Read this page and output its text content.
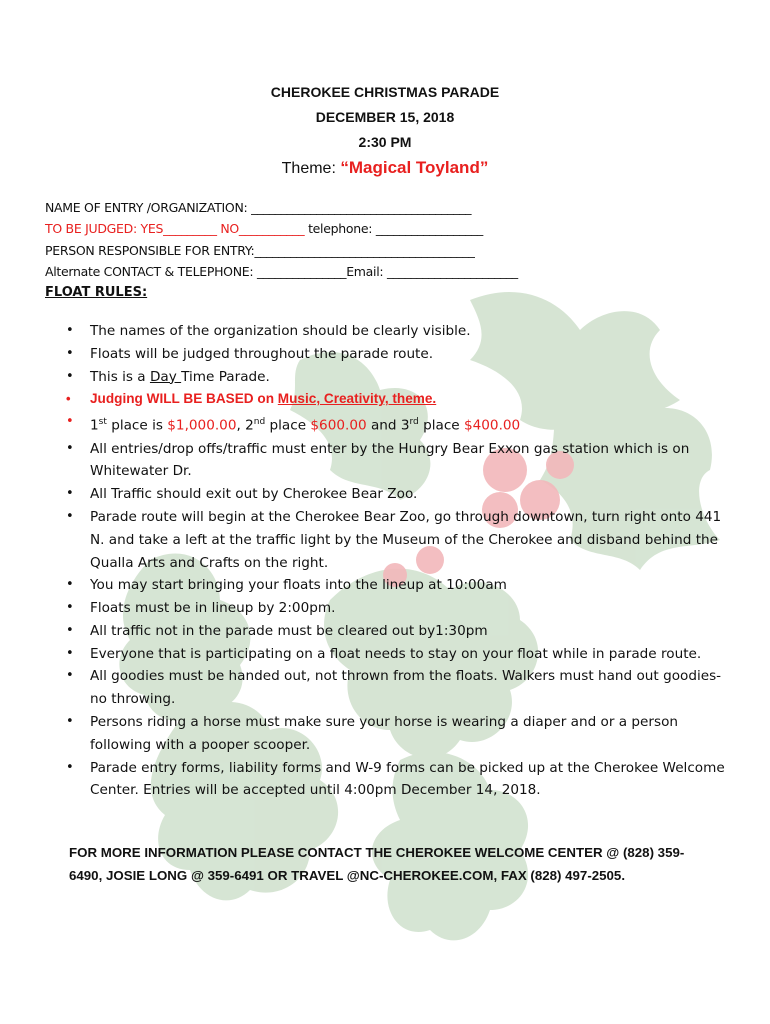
CHEROKEE CHRISTMAS PARADE
DECEMBER 15, 2018
2:30 PM
Theme: “Magical Toyland”
NAME OF ENTRY /ORGANIZATION: _____________________________________
TO BE JUDGED: YES_________ NO___________ telephone: __________________
PERSON RESPONSIBLE FOR ENTRY:_____________________________________
Alternate CONTACT & TELEPHONE: _______________Email: ______________________
FLOAT RULES:
• The names of the organization should be clearly visible.
• Floats will be judged throughout the parade route.
• This is a Day Time Parade.
• Judging WILL BE BASED on Music, Creativity, theme.
• 1st place is $1,000.00, 2nd place $600.00 and 3rd place $400.00
• All entries/drop offs/traffic must enter by the Hungry Bear Exxon gas station which is on Whitewater Dr.
• All Traffic should exit out by Cherokee Bear Zoo.
• Parade route will begin at the Cherokee Bear Zoo, go through downtown, turn right onto 441 N. and take a left at the traffic light by the Museum of the Cherokee and disband behind the Qualla Arts and Crafts on the right.
• You may start bringing your floats into the lineup at 10:00am
• Floats must be in lineup by 2:00pm.
• All traffic not in the parade must be cleared out by1:30pm
• Everyone that is participating on a float needs to stay on your float while in parade route.
• All goodies must be handed out, not thrown from the floats. Walkers must hand out goodies-no throwing.
• Persons riding a horse must make sure your horse is wearing a diaper and or a person following with a pooper scooper.
• Parade entry forms, liability forms and W-9 forms can be picked up at the Cherokee Welcome Center. Entries will be accepted until 4:00pm December 14, 2018.
FOR MORE INFORMATION PLEASE CONTACT THE CHEROKEE WELCOME CENTER @ (828) 359-6490, JOSIE LONG @ 359-6491 OR TRAVEL @NC-CHEROKEE.COM, FAX (828) 497-2505.
